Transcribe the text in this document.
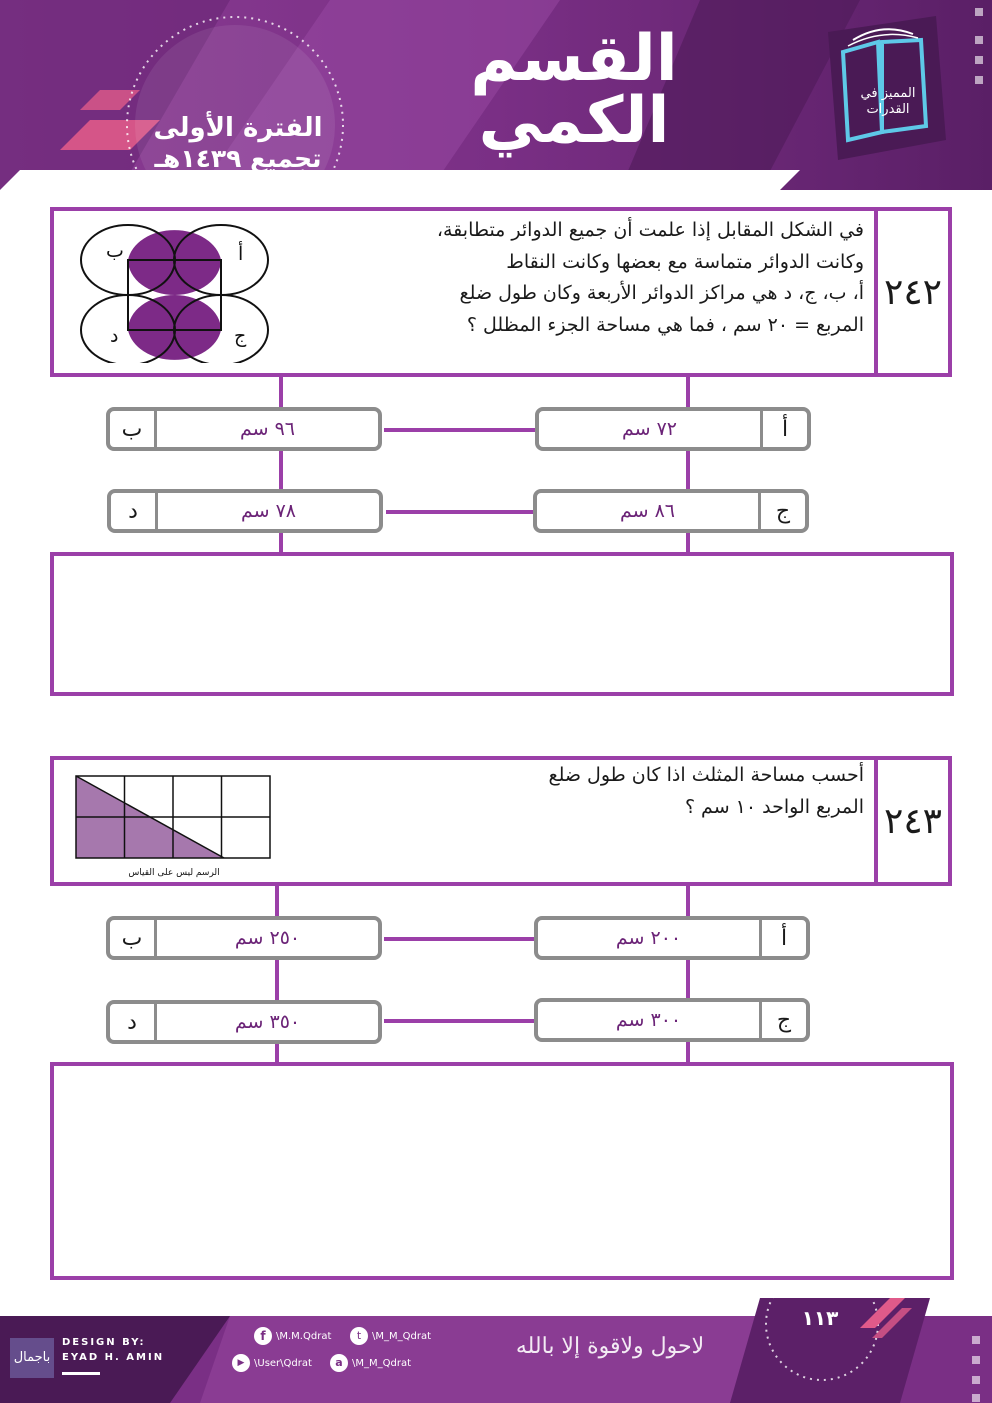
القسم
الكمي
الفترة الأولى
تجميع ١٤٣٩هـ
المميز في القدرات
٢٤٢
في الشكل المقابل إذا علمت أن جميع الدوائر متطابقة،
وكانت الدوائر متماسة مع بعضها وكانت النقاط
أ، ب، ج، د هي مراكز الدوائر الأربعة وكان طول ضلع
المربع = ٢٠ سم ، فما هي مساحة الجزء المظلل ؟
أ
ب
ج
د
أ
٧٢ سم
ب	٩٦ سم
ج
٨٦ سم
د	٧٨ سم
٢٤٣
أحسب مساحة المثلث اذا كان طول ضلع
المربع الواحد ١٠ سم ؟
الرسم ليس على القياس
أ
٢٠٠ سم
ب	٢٥٠ سم
ج
٣٠٠ سم
د	٣٥٠ سم
باجمال
DESIGN BY:
EYAD H. AMIN
f	\M.M.Qdrat	t	\M_M_Qdrat
▶ \User\Qdrat	a \M_M_Qdrat
لاحول ولاقوة إلا بالله
١١٣
